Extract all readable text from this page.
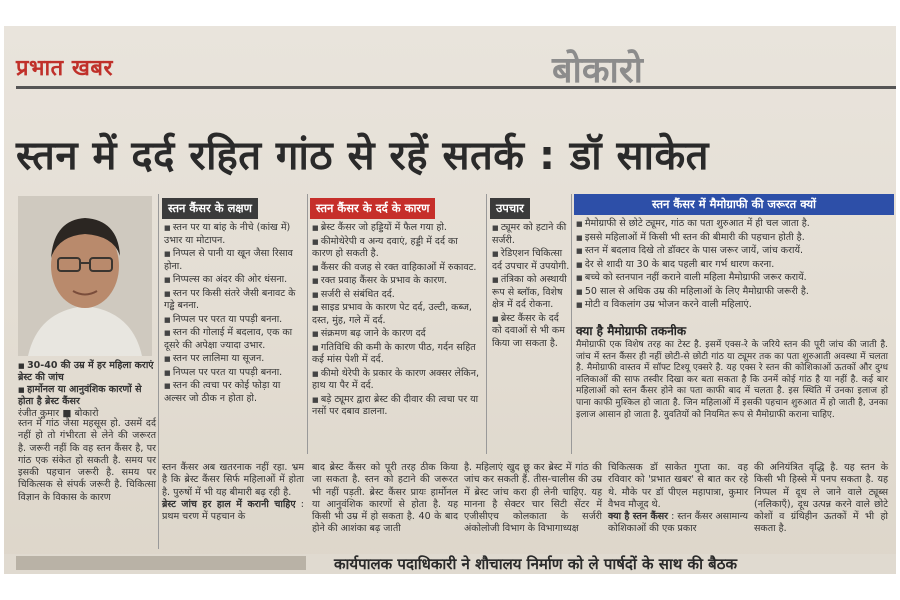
प्रभात खबर	बोकारो
स्तन में दर्द रहित गांठ से रहें सतर्क : डॉ साकेत
■ 30-40 की उम्र में हर महिला कराएं ब्रेस्ट की जांच
■ हार्मोनल या आनुवंशिक कारणों से होता है ब्रेस्ट कैंसर
रंजीत कुमार ■ बोकारो
स्तन में गांठ जैसा महसूस हो. उसमें दर्द नहीं हो तो गंभीरता से लेने की जरूरत है. जरूरी नहीं कि वह स्तन कैंसर है, पर गांठ एक संकेत हो सकती है. समय पर इसकी पहचान जरूरी है. समय पर चिकित्सक से संपर्क जरूरी है. चिकित्सा विज्ञान के विकास के कारण
स्तन कैंसर के लक्षण
■ स्तन पर या बांह के नीचे (कांख में) उभार या मोटापन.
■ निप्पल से पानी या खून जैसा रिसाव होना.
■ निप्पल्स का अंदर की ओर धंसना.
■ स्तन पर किसी संतरे जैसी बनावट के गड्ढे बनना.
■ निप्पल पर परत या पपड़ी बनना.
■ स्तन की गोलाई में बदलाव, एक का दूसरे की अपेक्षा ज्यादा उभार.
■ स्तन पर लालिमा या सूजन.
■ निप्पल पर परत या पपड़ी बनना.
■ स्तन की त्वचा पर कोई फोड़ा या अल्सर जो ठीक न होता हो.
स्तन कैंसर के दर्द के कारण
■ ब्रेस्ट कैंसर जो हड्डियों में फैल गया हो.
■ कीमोथेरेपी व अन्य दवाएं, हड्डी में दर्द का कारण हो सकती है.
■ कैंसर की वजह से रक्त वाहिकाओं में रुकावट.
■ रक्त प्रवाह कैंसर के प्रभाव के कारण.
■ सर्जरी से संबंधित दर्द.
■ साइड प्रभाव के कारण पेट दर्द, उल्टी, कब्ज, दस्त, मुंह, गले में दर्द.
■ संक्रमण बढ़ जाने के कारण दर्द
■ गतिविधि की कमी के कारण पीठ, गर्दन सहित कई मांस पेशी में दर्द.
■ कीमो थेरेपी के प्रकार के कारण अक्सर लेकिन, हाथ या पैर में दर्द.
■ बड़े ट्यूमर द्वारा ब्रेस्ट की दीवार की त्वचा पर या नसों पर दबाव डालना.
उपचार
■ ट्यूमर को हटाने की सर्जरी.
■ रेडिएशन चिकित्सा दर्द उपचार में उपयोगी.
■ तंत्रिका को अस्थायी रूप से ब्लॉक, विशेष क्षेत्र में दर्द रोकना.
■ ब्रेस्ट कैंसर के दर्द को दवाओं से भी कम किया जा सकता है.
स्तन कैंसर में मैमोग्राफी की जरूरत क्यों
■ मैमोग्राफी से छोटे ट्यूमर, गांठ का पता शुरुआत में ही चल जाता है.
■ इससे महिलाओं में किसी भी स्तन की बीमारी की पहचान होती है.
■ स्तन में बदलाव दिखे तो डॉक्टर के पास जरूर जायें, जांच करायें.
■ देर से शादी या 30 के बाद पहली बार गर्भ धारण करना.
■ बच्चे को स्तनपान नहीं कराने वाली महिला मैमोग्राफी जरूर करायें.
■ 50 साल से अधिक उम्र की महिलाओं के लिए मैमोग्राफी जरूरी है.
■ मोटी व विकलांग उम्र भोजन करने वाली महिलाएं.
क्या है मैमोग्राफी तकनीक
मैमोग्राफी एक विशेष तरह का टेस्ट है. इसमें एक्स-रे के जरिये स्तन की पूरी जांच की जाती है. जांच में स्तन कैंसर ही नहीं छोटी-से छोटी गांठ या ट्यूमर तक का पता शुरुआती अवस्था में चलता है. मैमोग्राफी वास्तव में सॉफ्ट टिश्यू एक्सरे है. यह एक्स रे स्तन की कोशिकाओं ऊतकों और दुग्ध नलिकाओं की साफ तस्वीर दिखा कर बता सकता है कि उनमें कोई गांठ है या नहीं है. कई बार महिलाओं को स्तन कैंसर होने का पता काफी बाद में चलता है. इस स्थिति में उनका इलाज हो पाना काफी मुश्किल हो जाता है. जिन महिलाओं में इसकी पहचान शुरुआत में हो जाती है, उनका इलाज आसान हो जाता है. युवतियों को नियमित रूप से मैमोग्राफी कराना चाहिए.
स्तन कैंसर अब खतरनाक नहीं रहा. भ्रम है कि ब्रेस्ट कैंसर सिर्फ महिलाओं में होता है. पुरुषों में भी यह बीमारी बढ़ रही है.
ब्रेस्ट जांच हर हाल में करानी चाहिए : प्रथम चरण में पहचान के
बाद ब्रेस्ट कैंसर को पूरी तरह ठीक किया जा सकता है. स्तन को हटाने की जरूरत भी नहीं पड़ती. ब्रेस्ट कैंसर प्रायः हार्मोनल या आनुवंशिक कारणों से होता है. यह किसी भी उम्र में हो सकता है. 40 के बाद होने की आशंका बढ़ जाती
है. महिलाएं खुद छू कर ब्रेस्ट में गांठ की जांच कर सकती हैं. तीस-चालीस की उम्र में ब्रेस्ट जांच करा ही लेनी चाहिए. यह मानना है सेक्टर चार सिटी सेंटर में एजीसीएच कोलकाता के सर्जरी अंकोलोजी विभाग के विभागाध्यक्ष
चिकित्सक डॉ साकेत गुप्ता का. वह रविवार को 'प्रभात खबर' से बात कर रहे थे. मौके पर डॉ पीएल महापात्रा, कुमार वैभव मौजूद थे.
क्या है स्तन कैंसर : स्तन कैंसर असामान्य कोशिकाओं की एक प्रकार
की अनियंत्रित वृद्धि है. यह स्तन के किसी भी हिस्से में पनप सकता है. यह निप्पल में दूध ले जाने वाले ट्यूब्स (नलिकाएँ), दूध उत्पन्न करने वाले छोटे कोशों व ग्रंथिहीन ऊतकों में भी हो सकता है.
कार्यपालक पदाधिकारी ने शौचालय निर्माण को ले पार्षदों के साथ की बैठक
